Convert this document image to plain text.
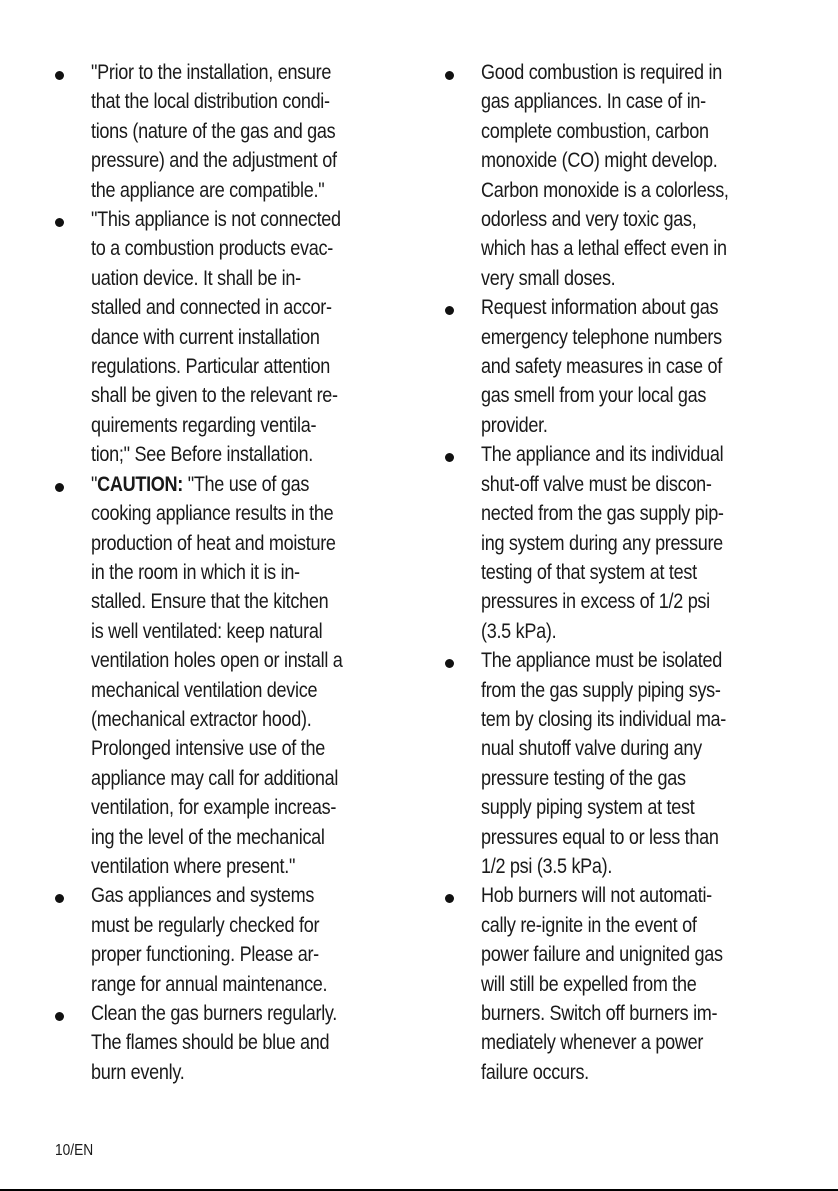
"Prior to the installation, ensure
that the local distribution condi-
tions (nature of the gas and gas
pressure) and the adjustment of
the appliance are compatible."
"This appliance is not connected
to a combustion products evac-
uation device. It shall be in-
stalled and connected in accor-
dance with current installation
regulations. Particular attention
shall be given to the relevant re-
quirements regarding ventila-
tion;" See Before installation.
"CAUTION: "The use of gas
cooking appliance results in the
production of heat and moisture
in the room in which it is in-
stalled. Ensure that the kitchen
is well ventilated: keep natural
ventilation holes open or install a
mechanical ventilation device
(mechanical extractor hood).
Prolonged intensive use of the
appliance may call for additional
ventilation, for example increas-
ing the level of the mechanical
ventilation where present."
Gas appliances and systems
must be regularly checked for
proper functioning. Please ar-
range for annual maintenance.
Clean the gas burners regularly.
The flames should be blue and
burn evenly.
Good combustion is required in
gas appliances. In case of in-
complete combustion, carbon
monoxide (CO) might develop.
Carbon monoxide is a colorless,
odorless and very toxic gas,
which has a lethal effect even in
very small doses.
Request information about gas
emergency telephone numbers
and safety measures in case of
gas smell from your local gas
provider.
The appliance and its individual
shut-off valve must be discon-
nected from the gas supply pip-
ing system during any pressure
testing of that system at test
pressures in excess of 1/2 psi
(3.5 kPa).
The appliance must be isolated
from the gas supply piping sys-
tem by closing its individual ma-
nual shutoff valve during any
pressure testing of the gas
supply piping system at test
pressures equal to or less than
1/2 psi (3.5 kPa).
Hob burners will not automati-
cally re-ignite in the event of
power failure and unignited gas
will still be expelled from the
burners. Switch off burners im-
mediately whenever a power
failure occurs.
10/EN
